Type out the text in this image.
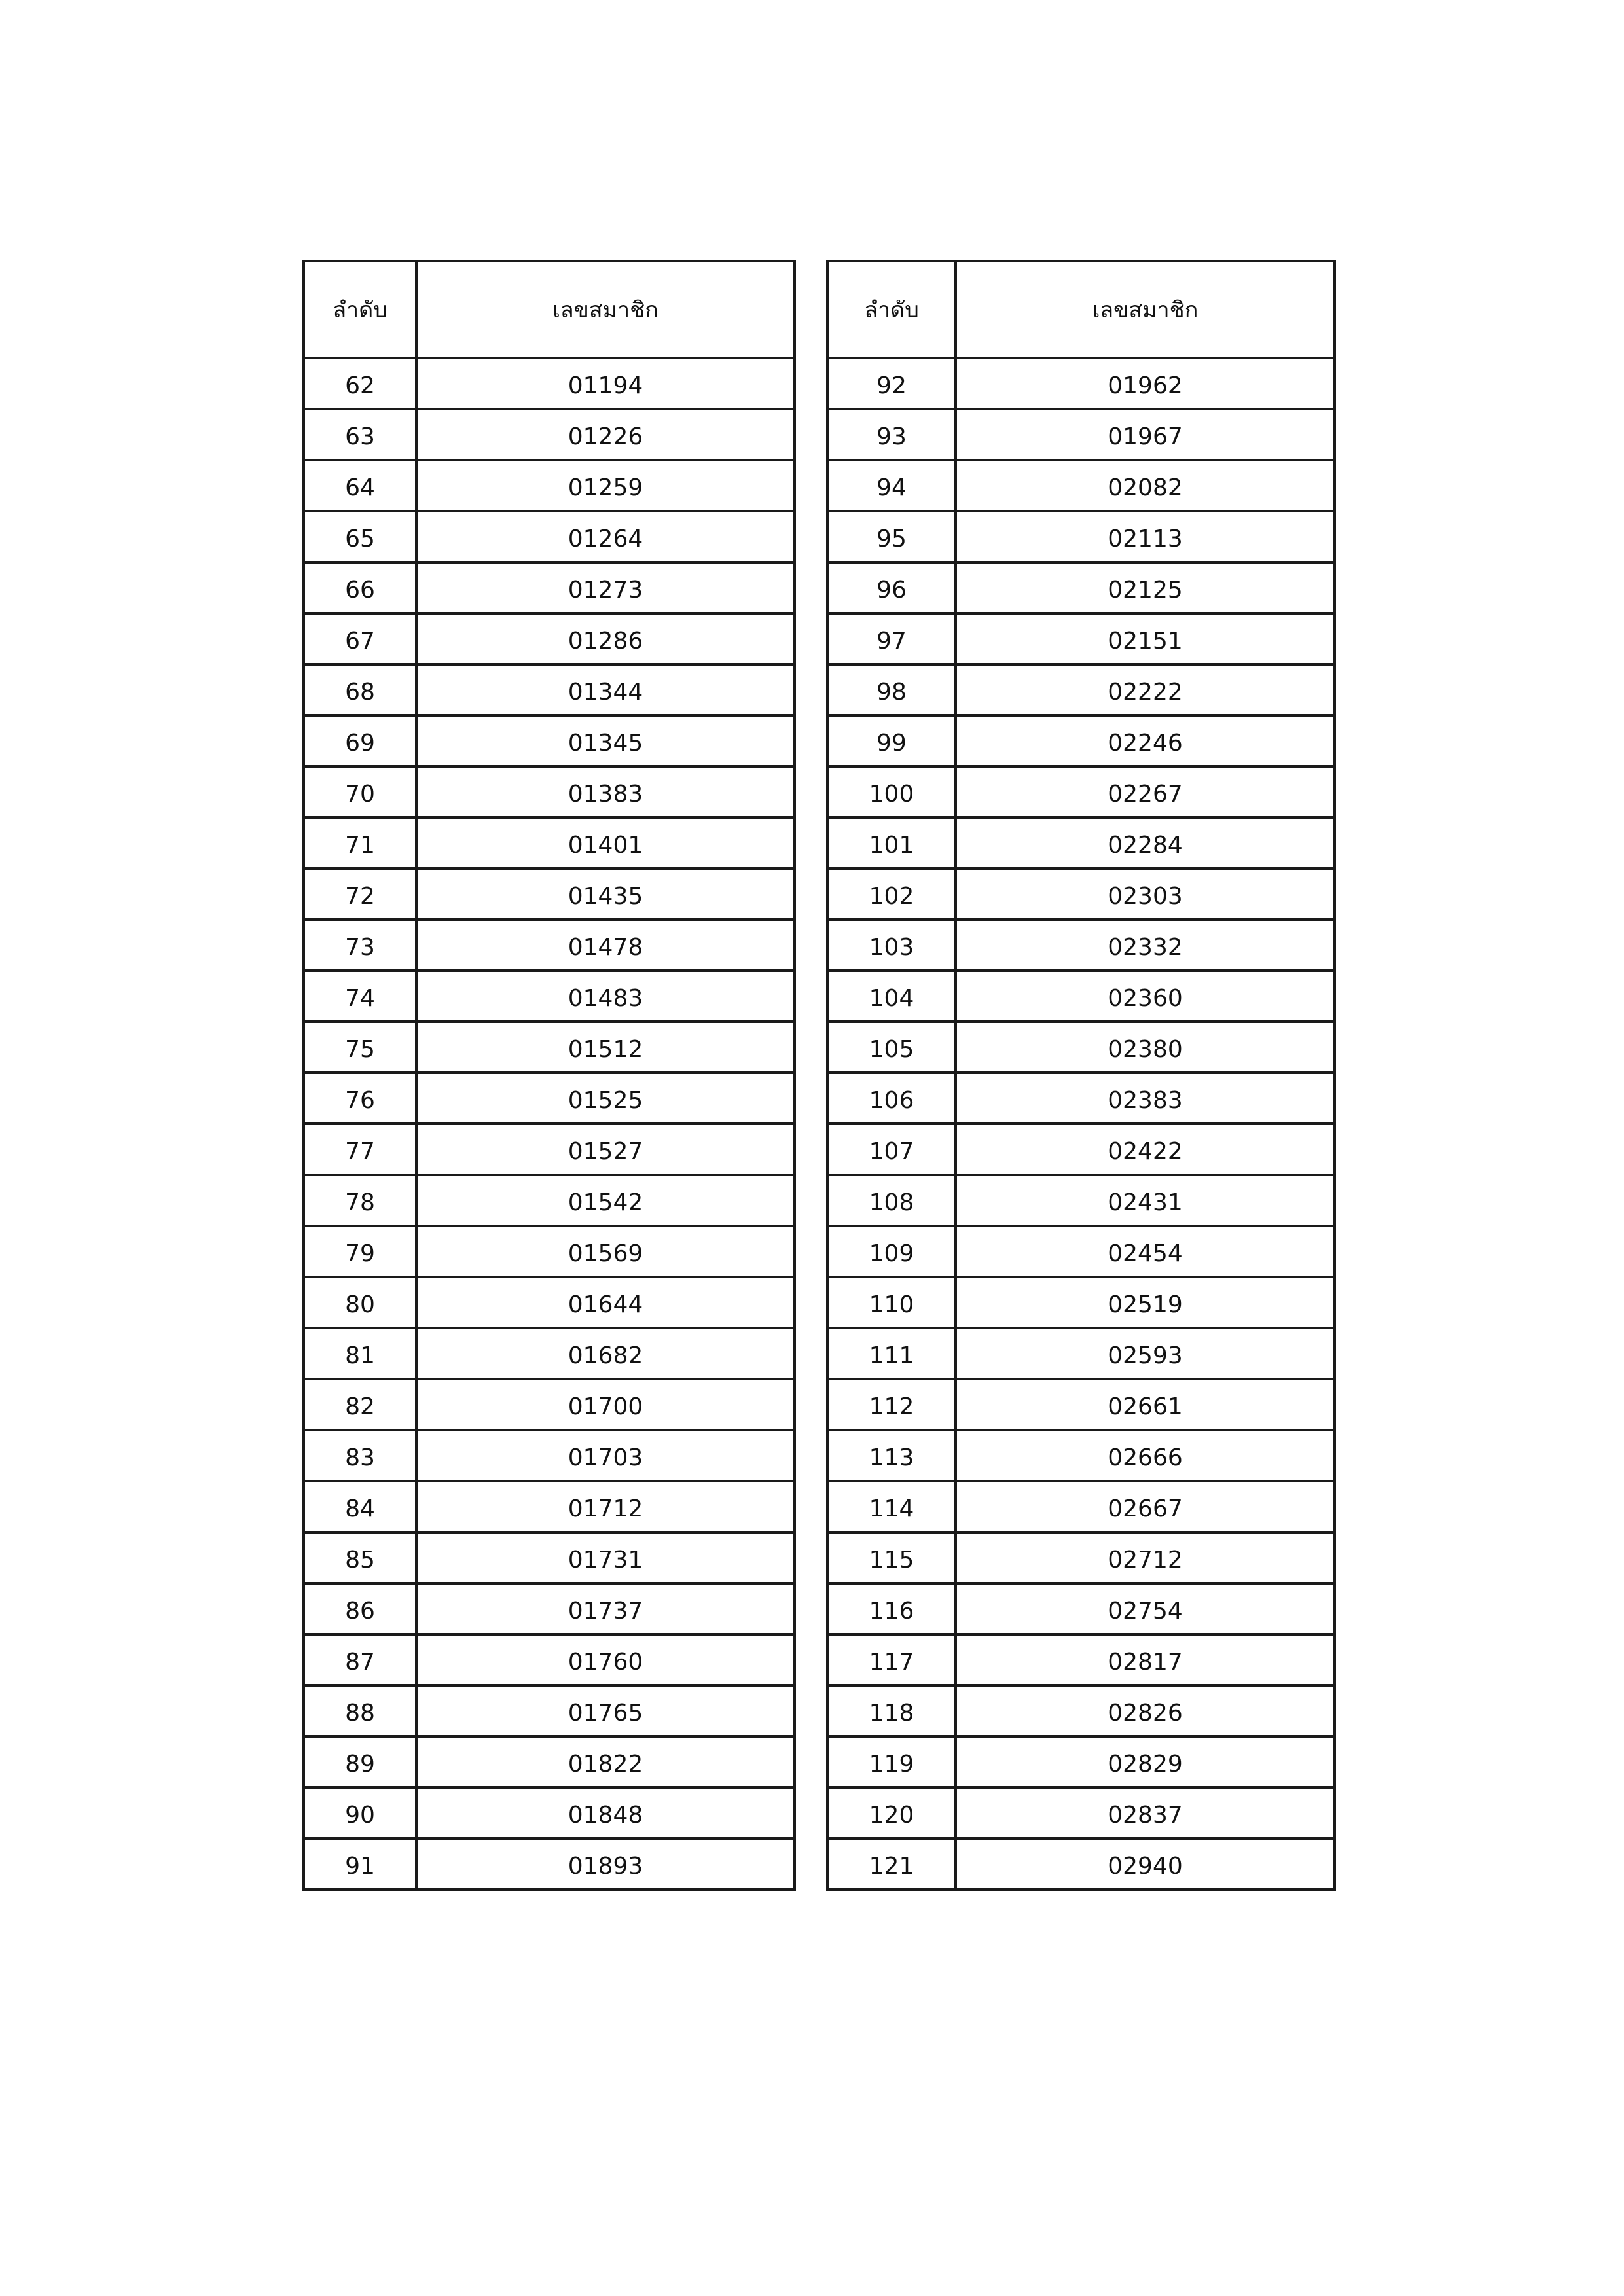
ลำดับ	เลขสมาชิก
62	01194
63	01226
64	01259
65	01264
66	01273
67	01286
68	01344
69	01345
70	01383
71	01401
72	01435
73	01478
74	01483
75	01512
76	01525
77	01527
78	01542
79	01569
80	01644
81	01682
82	01700
83	01703
84	01712
85	01731
86	01737
87	01760
88	01765
89	01822
90	01848
91	01893
ลำดับ	เลขสมาชิก
92	01962
93	01967
94	02082
95	02113
96	02125
97	02151
98	02222
99	02246
100	02267
101	02284
102	02303
103	02332
104	02360
105	02380
106	02383
107	02422
108	02431
109	02454
110	02519
111	02593
112	02661
113	02666
114	02667
115	02712
116	02754
117	02817
118	02826
119	02829
120	02837
121	02940
